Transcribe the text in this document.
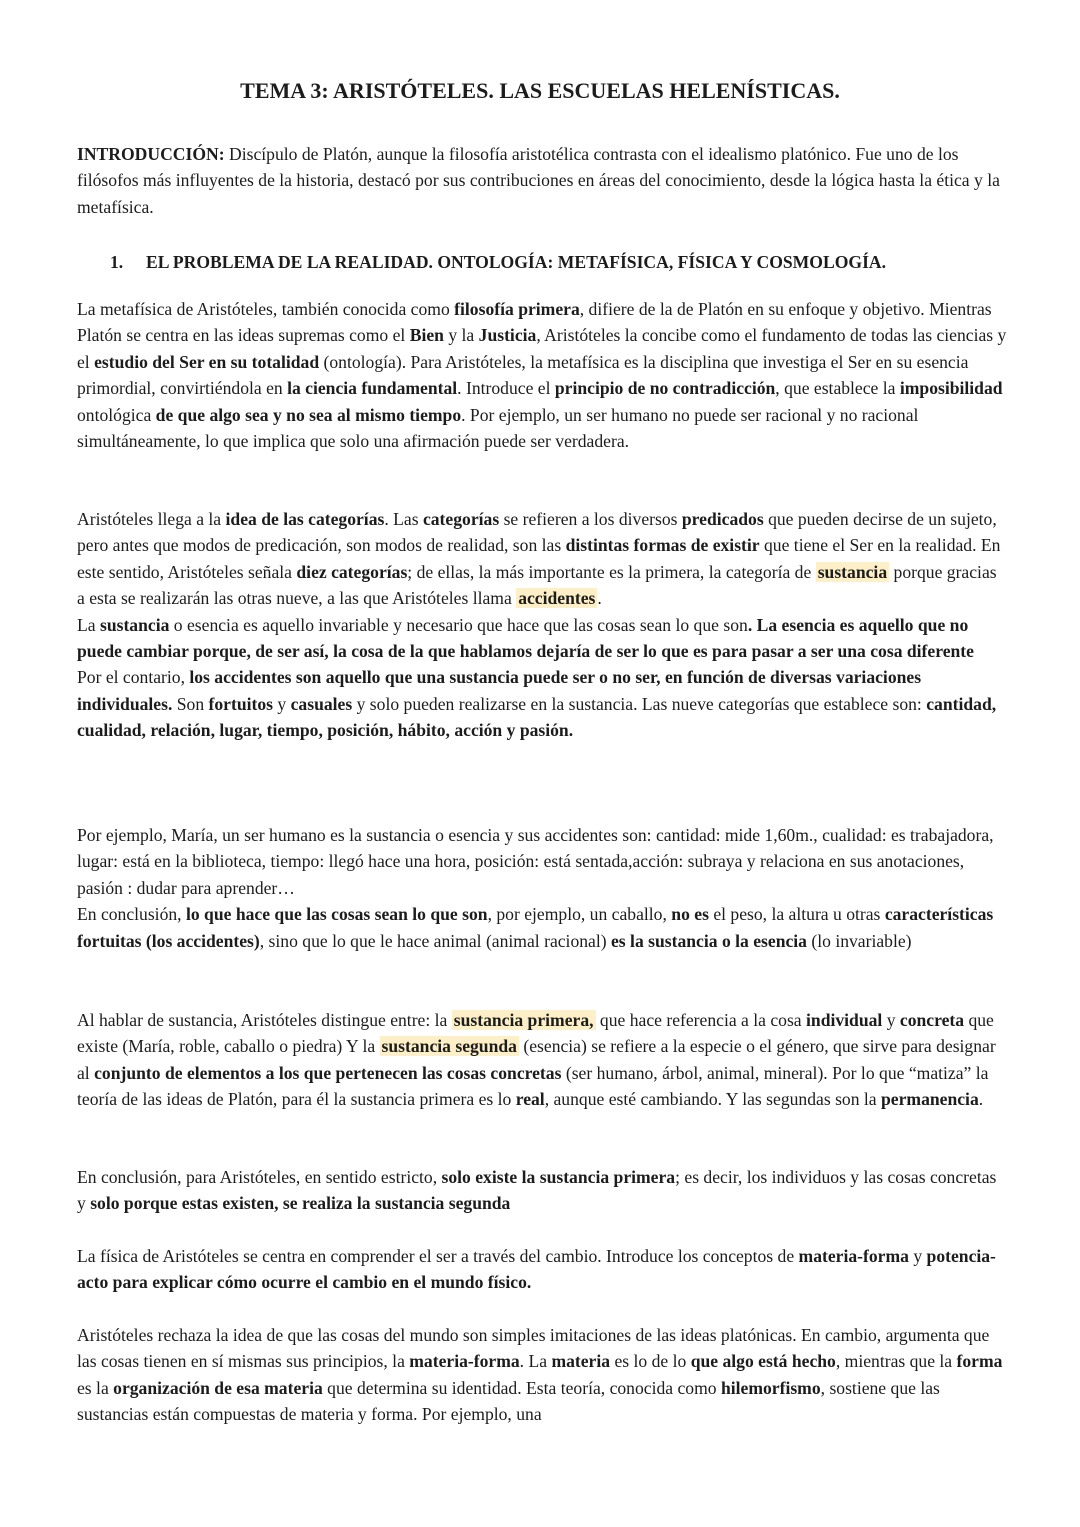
TEMA 3: ARISTÓTELES. LAS ESCUELAS HELENÍSTICAS.

INTRODUCCIÓN: Discípulo de Platón, aunque la filosofía aristotélica contrasta con el idealismo platónico. Fue uno de los filósofos más influyentes de la historia, destacó por sus contribuciones en áreas del conocimiento, desde la lógica hasta la ética y la metafísica.

1. EL PROBLEMA DE LA REALIDAD. ONTOLOGÍA: METAFÍSICA, FÍSICA Y COSMOLOGÍA.

La metafísica de Aristóteles, también conocida como filosofía primera, difiere de la de Platón en su enfoque y objetivo. Mientras Platón se centra en las ideas supremas como el Bien y la Justicia, Aristóteles la concibe como el fundamento de todas las ciencias y el estudio del Ser en su totalidad (ontología). Para Aristóteles, la metafísica es la disciplina que investiga el Ser en su esencia primordial, convirtiéndola en la ciencia fundamental. Introduce el principio de no contradicción, que establece la imposibilidad ontológica de que algo sea y no sea al mismo tiempo. Por ejemplo, un ser humano no puede ser racional y no racional simultáneamente, lo que implica que solo una afirmación puede ser verdadera.

Aristóteles llega a la idea de las categorías. Las categorías se refieren a los diversos predicados que pueden decirse de un sujeto, pero antes que modos de predicación, son modos de realidad, son las distintas formas de existir que tiene el Ser en la realidad. En este sentido, Aristóteles señala diez categorías; de ellas, la más importante es la primera, la categoría de sustancia porque gracias a esta se realizarán las otras nueve, a las que Aristóteles llama accidentes .
La sustancia o esencia es aquello invariable y necesario que hace que las cosas sean lo que son. La esencia es aquello que no puede cambiar porque, de ser así, la cosa de la que hablamos dejaría de ser lo que es para pasar a ser una cosa diferente
Por el contario, los accidentes son aquello que una sustancia puede ser o no ser, en función de diversas variaciones individuales. Son fortuitos y casuales y solo pueden realizarse en la sustancia. Las nueve categorías que establece son: cantidad, cualidad, relación, lugar, tiempo, posición, hábito, acción y pasión.

Por ejemplo, María, un ser humano es la sustancia o esencia y sus accidentes son: cantidad: mide 1,60m., cualidad: es trabajadora, lugar: está en la biblioteca, tiempo: llegó hace una hora, posición: está sentada,acción: subraya y relaciona en sus anotaciones, pasión : dudar para aprender…
En conclusión, lo que hace que las cosas sean lo que son, por ejemplo, un caballo, no es el peso, la altura u otras características fortuitas (los accidentes), sino que lo que le hace animal (animal racional) es la sustancia o la esencia (lo invariable)

Al hablar de sustancia, Aristóteles distingue entre: la sustancia primera, que hace referencia a la cosa individual y concreta que existe (María, roble, caballo o piedra) Y la sustancia segunda (esencia) se refiere a la especie o el género, que sirve para designar al conjunto de elementos a los que pertenecen las cosas concretas (ser humano, árbol, animal, mineral). Por lo que “matiza” la teoría de las ideas de Platón, para él la sustancia primera es lo real, aunque esté cambiando. Y las segundas son la permanencia.

En conclusión, para Aristóteles, en sentido estricto, solo existe la sustancia primera; es decir, los individuos y las cosas concretas y solo porque estas existen, se realiza la sustancia segunda

La física de Aristóteles se centra en comprender el ser a través del cambio. Introduce los conceptos de materia-forma y potencia-acto para explicar cómo ocurre el cambio en el mundo físico.

Aristóteles rechaza la idea de que las cosas del mundo son simples imitaciones de las ideas platónicas. En cambio, argumenta que las cosas tienen en sí mismas sus principios, la materia-forma. La materia es lo de lo que algo está hecho, mientras que la forma es la organización de esa materia que determina su identidad. Esta teoría, conocida como hilemorfismo, sostiene que las sustancias están compuestas de materia y forma. Por ejemplo, una
